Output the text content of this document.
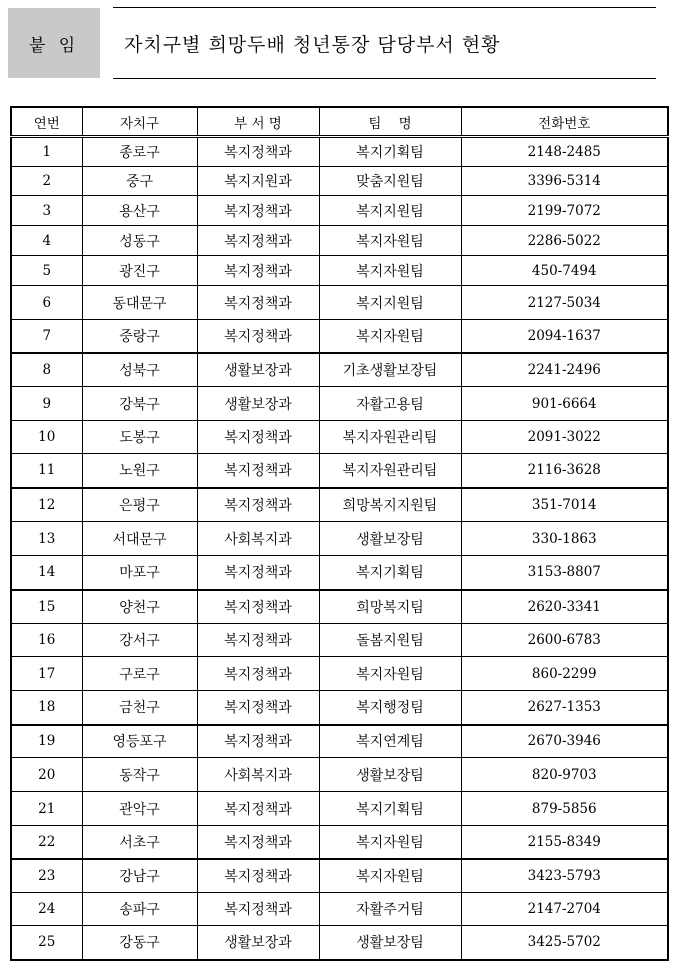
붙 임	자치구별 희망두배 청년통장 담당부서 현황
연번	자치구	부 서 명	팀    명	전화번호
1	종로구	복지정책과	복지기획팀	2148-2485
2	중구	복지지원과	맞춤지원팀	3396-5314
3	용산구	복지정책과	복지지원팀	2199-7072
4	성동구	복지정책과	복지자원팀	2286-5022
5	광진구	복지정책과	복지자원팀	450-7494
6	동대문구	복지정책과	복지지원팀	2127-5034
7	중랑구	복지정책과	복지자원팀	2094-1637
8	성북구	생활보장과	기초생활보장팀	2241-2496
9	강북구	생활보장과	자활고용팀	901-6664
10	도봉구	복지정책과	복지자원관리팀	2091-3022
11	노원구	복지정책과	복지자원관리팀	2116-3628
12	은평구	복지정책과	희망복지지원팀	351-7014
13	서대문구	사회복지과	생활보장팀	330-1863
14	마포구	복지정책과	복지기획팀	3153-8807
15	양천구	복지정책과	희망복지팀	2620-3341
16	강서구	복지정책과	돌봄지원팀	2600-6783
17	구로구	복지정책과	복지자원팀	860-2299
18	금천구	복지정책과	복지행정팀	2627-1353
19	영등포구	복지정책과	복지연계팀	2670-3946
20	동작구	사회복지과	생활보장팀	820-9703
21	관악구	복지정책과	복지기획팀	879-5856
22	서초구	복지정책과	복지자원팀	2155-8349
23	강남구	복지정책과	복지자원팀	3423-5793
24	송파구	복지정책과	자활주거팀	2147-2704
25	강동구	생활보장과	생활보장팀	3425-5702
